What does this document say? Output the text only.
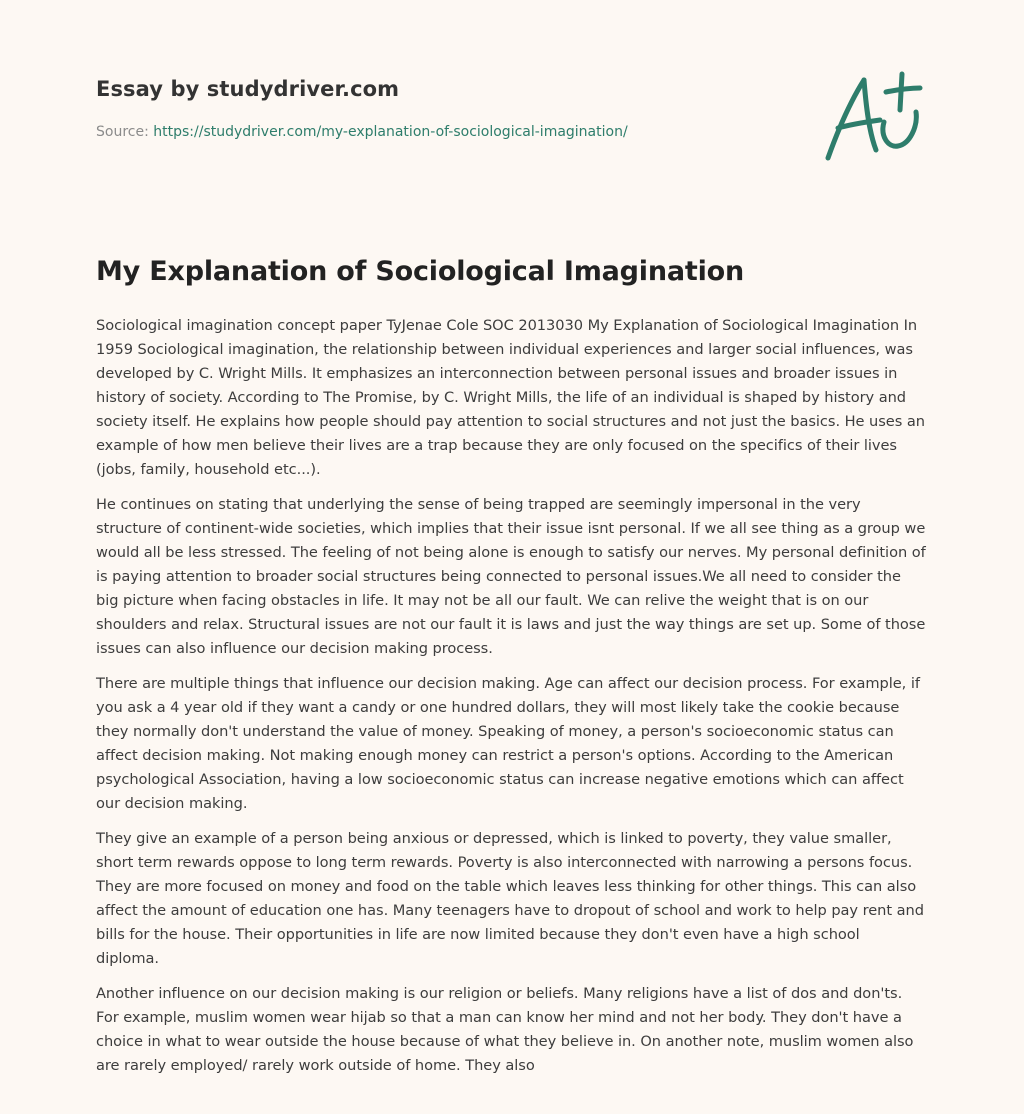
Essay by studydriver.com
Source: https://studydriver.com/my-explanation-of-sociological-imagination/
My Explanation of Sociological Imagination

Sociological imagination concept paper TyJenae Cole SOC 2013030 My Explanation of Sociological Imagination In 1959 Sociological imagination, the relationship between individual experiences and larger social influences, was developed by C. Wright Mills. It emphasizes an interconnection between personal issues and broader issues in history of society. According to The Promise, by C. Wright Mills, the life of an individual is shaped by history and society itself. He explains how people should pay attention to social structures and not just the basics. He uses an example of how men believe their lives are a trap because they are only focused on the specifics of their lives (jobs, family, household etc...).

He continues on stating that underlying the sense of being trapped are seemingly impersonal in the very structure of continent-wide societies, which implies that their issue isnt personal. If we all see thing as a group we would all be less stressed. The feeling of not being alone is enough to satisfy our nerves. My personal definition of is paying attention to broader social structures being connected to personal issues.We all need to consider the big picture when facing obstacles in life. It may not be all our fault. We can relive the weight that is on our shoulders and relax. Structural issues are not our fault it is laws and just the way things are set up. Some of those issues can also influence our decision making process.

There are multiple things that influence our decision making. Age can affect our decision process. For example, if you ask a 4 year old if they want a candy or one hundred dollars, they will most likely take the cookie because they normally don't understand the value of money. Speaking of money, a person's socioeconomic status can affect decision making. Not making enough money can restrict a person's options. According to the American psychological Association, having a low socioeconomic status can increase negative emotions which can affect our decision making.

They give an example of a person being anxious or depressed, which is linked to poverty, they value smaller, short term rewards oppose to long term rewards. Poverty is also interconnected with narrowing a persons focus. They are more focused on money and food on the table which leaves less thinking for other things. This can also affect the amount of education one has. Many teenagers have to dropout of school and work to help pay rent and bills for the house. Their opportunities in life are now limited because they don't even have a high school diploma.

Another influence on our decision making is our religion or beliefs. Many religions have a list of dos and don'ts. For example, muslim women wear hijab so that a man can know her mind and not her body. They don't have a choice in what to wear outside the house because of what they believe in. On another note, muslim women also are rarely employed/ rarely work outside of home. They also
